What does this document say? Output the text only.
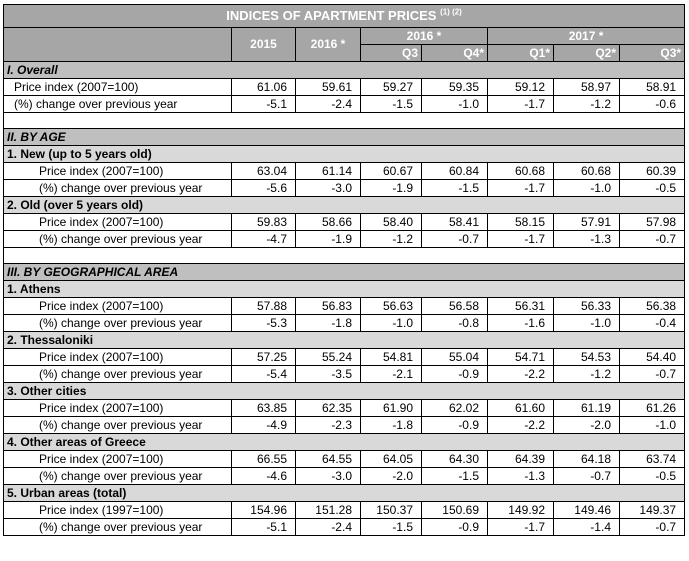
INDICES OF APARTMENT PRICES $^{(1) (2)}$
	2015	2016 *	2016 *		2017 *		
			Q3	Q4*	Q1*	Q2*	Q3*
I. Overall							
Price index (2007=100)	61.06	59.61	59.27	59.35	59.12	58.97	58.91
(%) change over previous year	-5.1	-2.4	-1.5	-1.0	-1.7	-1.2	-0.6

II. BY AGE							
1. New (up to 5 years old)							
Price index (2007=100)	63.04	61.14	60.67	60.84	60.68	60.68	60.39
(%) change over previous year	-5.6	-3.0	-1.9	-1.5	-1.7	-1.0	-0.5
2. Old (over 5 years old)							
Price index (2007=100)	59.83	58.66	58.40	58.41	58.15	57.91	57.98
(%) change over previous year	-4.7	-1.9	-1.2	-0.7	-1.7	-1.3	-0.7

III. BY GEOGRAPHICAL AREA							
1. Athens							
Price index (2007=100)	57.88	56.83	56.63	56.58	56.31	56.33	56.38
(%) change over previous year	-5.3	-1.8	-1.0	-0.8	-1.6	-1.0	-0.4
2. Thessaloniki							
Price index (2007=100)	57.25	55.24	54.81	55.04	54.71	54.53	54.40
(%) change over previous year	-5.4	-3.5	-2.1	-0.9	-2.2	-1.2	-0.7
3. Other cities							
Price index (2007=100)	63.85	62.35	61.90	62.02	61.60	61.19	61.26
(%) change over previous year	-4.9	-2.3	-1.8	-0.9	-2.2	-2.0	-1.0
4. Other areas of Greece							
Price index (2007=100)	66.55	64.55	64.05	64.30	64.39	64.18	63.74
(%) change over previous year	-4.6	-3.0	-2.0	-1.5	-1.3	-0.7	-0.5
5. Urban areas (total)							
Price index (1997=100)	154.96	151.28	150.37	150.69	149.92	149.46	149.37
(%) change over previous year	-5.1	-2.4	-1.5	-0.9	-1.7	-1.4	-0.7
